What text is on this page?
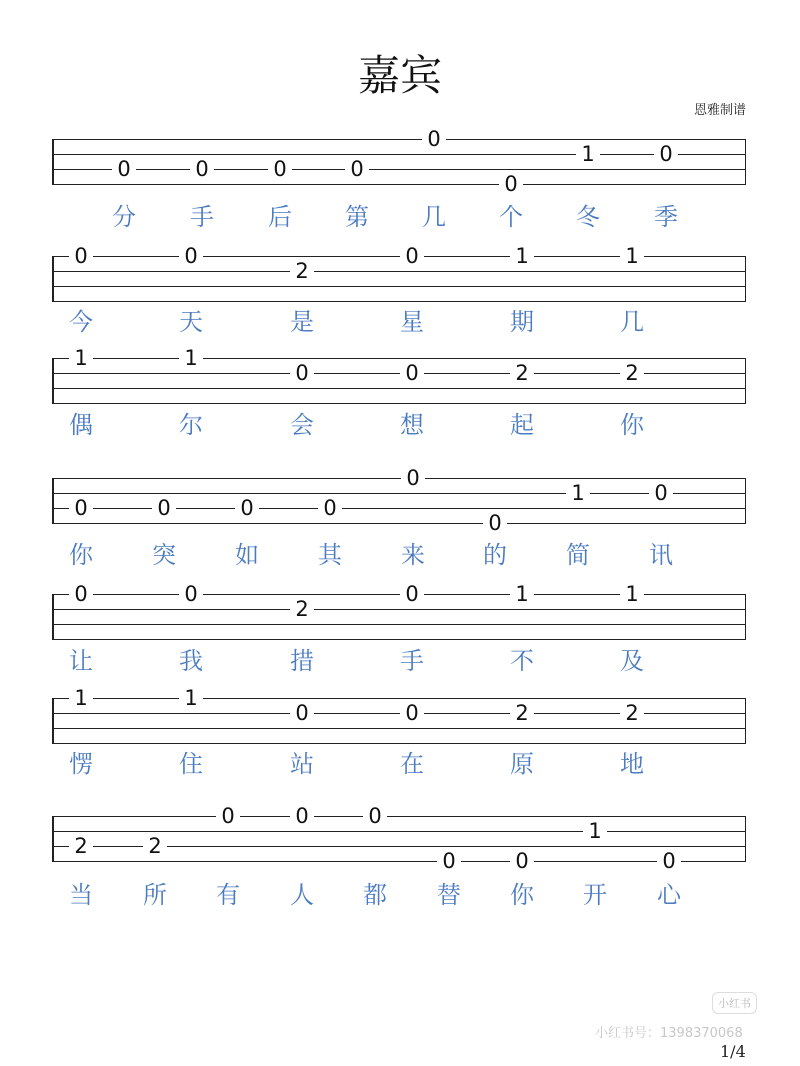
嘉宾
恩雅制谱
0	0	0	0
0
0
1	0
分	手	后	第	几	个	冬	季
0	0
2
0	1	1
今	天	是	星	期	几
1	1
0	0	2	2
偶	尔	会	想	起	你
0	0	0	0
0
0
1	0
你	突	如	其	来	的	简	讯
0	0
2
0	1	1
让	我	措	手	不	及
1	1
0	0	2	2
愣	住	站	在	原	地
2	2
0	0	0
0	0
1
0
当	所	有	人	都	替	你	开	心
小红书
小红书号：1398370068
1/4
